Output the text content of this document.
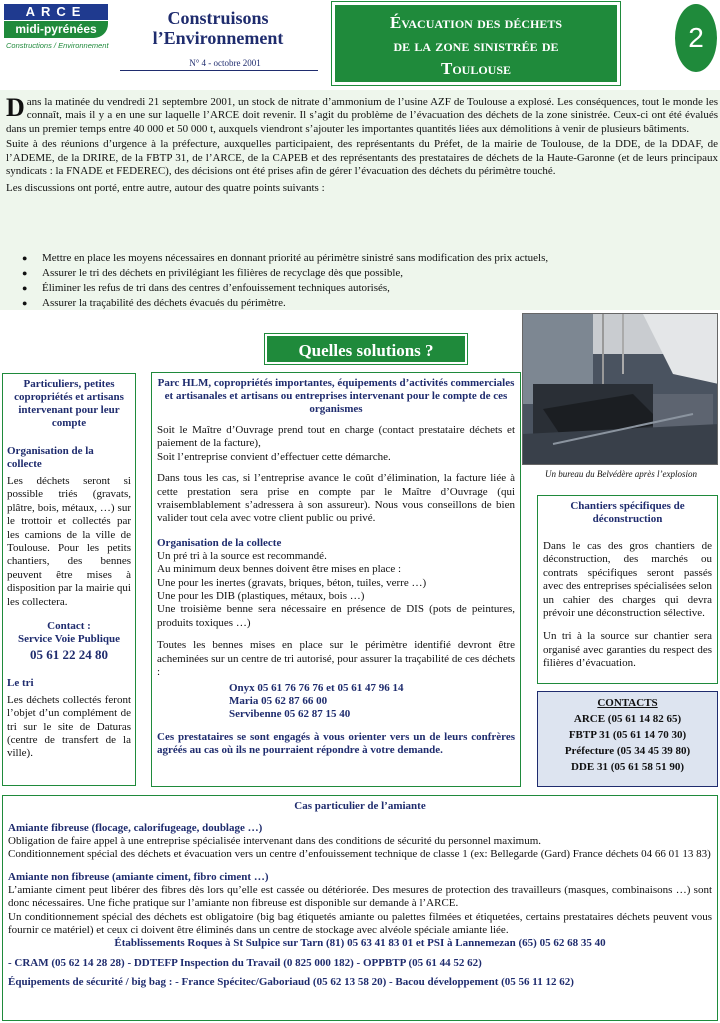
ARCE
midi-pyrénées
Constructions / Environnement
Construisons
l’Environnement
N° 4 - octobre 2001
Évacuation des déchets
de la zone sinistrée de
Toulouse
2

Dans la matinée du vendredi 21 septembre 2001, un stock de nitrate d’ammonium de l’usine AZF de Toulouse a explosé. Les conséquences, tout le monde les connaît, mais il y a en une sur laquelle l’ARCE doit revenir. Il s’agit du problème de l’évacuation des déchets de la zone sinistrée. Ceux-ci ont été évalués dans un premier temps entre 40 000 et 50 000 t, auxquels viendront s’ajouter les importantes quantités liées aux démolitions à venir de plusieurs bâtiments.

Suite à des réunions d’urgence à la préfecture, auxquelles participaient, des représentants du Préfet, de la mairie de Toulouse, de la DDE, de la DDAF, de l’ADEME, de la DRIRE, de la FBTP 31, de l’ARCE, de la CAPEB et des représentants des prestataires de déchets de la Haute-Garonne (et de leurs principaux syndicats : la FNADE et FEDEREC), des décisions ont été prises afin de gérer l’évacuation des déchets du périmètre touché.

Les discussions ont porté, entre autre, autour des quatre points suivants :

● Mettre en place les moyens nécessaires en donnant priorité au périmètre sinistré sans modification des prix actuels,
● Assurer le tri des déchets en privilégiant les filières de recyclage dès que possible,
● Éliminer les refus de tri dans des centres d’enfouissement techniques autorisés,
● Assurer la traçabilité des déchets évacués du périmètre.
Un bureau du Belvédère après l’explosion
Quelles solutions ?
Particuliers, petites copropriétés et artisans intervenant pour leur compte
Organisation de la collecte

Les déchets seront si possible triés (gravats, plâtre, bois, métaux, …) sur le trottoir et collectés par les camions de la ville de Toulouse. Pour les petits chantiers, des bennes peuvent être mises à disposition par la mairie qui les collectera.

Contact :
Service Voie Publique
05 61 22 24 80
Le tri

Les déchets collectés feront l’objet d’un complément de tri sur le site de Daturas (centre de transfert de la ville).

Parc HLM, copropriétés importantes, équipements d’activités commerciales et artisanales et artisans ou entreprises intervenant pour le compte de ces organismes

Soit le Maître d’Ouvrage prend tout en charge (contact prestataire déchets et paiement de la facture),

Soit l’entreprise convient d’effectuer cette démarche.

Dans tous les cas, si l’entreprise avance le coût d’élimination, la facture liée à cette prestation sera prise en compte par le Maître d’Ouvrage (qui vraisemblablement s’adressera à son assureur). Nous vous conseillons de bien valider tout cela avec votre client public ou privé.

Organisation de la collecte
Un pré tri à la source est recommandé.
Au minimum deux bennes doivent être mises en place :
Une pour les inertes (gravats, briques, béton, tuiles, verre …)
Une pour les DIB (plastiques, métaux, bois …)
Une troisième benne sera nécessaire en présence de DIS (pots de peintures, produits toxiques …)

Toutes les bennes mises en place sur le périmètre identifié devront être acheminées sur un centre de tri autorisé, pour assurer la traçabilité de ces déchets :

Onyx 05 61 76 76 76 et 05 61 47 96 14
Maria 05 62 87 66 00
Servibenne 05 62 87 15 40

Ces prestataires se sont engagés à vous orienter vers un de leurs confrères agréés au cas où ils ne pourraient répondre à votre demande.

Chantiers spécifiques de déconstruction

Dans le cas des gros chantiers de déconstruction, des marchés ou contrats spécifiques seront passés avec des entreprises spécialisées selon un cahier des charges qui devra prévoir une déconstruction sélective.

Un tri à la source sur chantier sera organisé avec garanties du respect des filières d’évacuation.

CONTACTS
ARCE (05 61 14 82 65)
FBTP 31 (05 61 14 70 30)
Préfecture (05 34 45 39 80)
DDE 31 (05 61 58 51 90)
Cas particulier de l’amiante
Amiante fibreuse (flocage, calorifugeage, doublage …)

Obligation de faire appel à une entreprise spécialisée intervenant dans des conditions de sécurité du personnel maximum.

Conditionnement spécial des déchets et évacuation vers un centre d’enfouissement technique de classe 1 (ex: Bellegarde (Gard) France déchets 04 66 01 13 83)

Amiante non fibreuse (amiante ciment, fibro ciment …)

L’amiante ciment peut libérer des fibres dès lors qu’elle est cassée ou détériorée. Des mesures de protection des travailleurs (masques, combinaisons …) sont donc nécessaires. Une fiche pratique sur l’amiante non fibreuse est disponible sur demande à l’ARCE.

Un conditionnement spécial des déchets est obligatoire (big bag étiquetés amiante ou palettes filmées et étiquetées, certains prestataires déchets peuvent vous fournir ce matériel) et ceux ci doivent être éliminés dans un centre de stockage avec alvéole spéciale amiante liée.

Établissements Roques à St Sulpice sur Tarn (81) 05 63 41 83 01 et PSI à Lannemezan (65) 05 62 68 35 40
- CRAM (05 62 14 28 28) - DDTEFP Inspection du Travail (0 825 000 182) - OPPBTP (05 61 44 52 62)
Équipements de sécurité / big bag : - France Spécitec/Gaboriaud (05 62 13 58 20) - Bacou développement (05 56 11 12 62)
